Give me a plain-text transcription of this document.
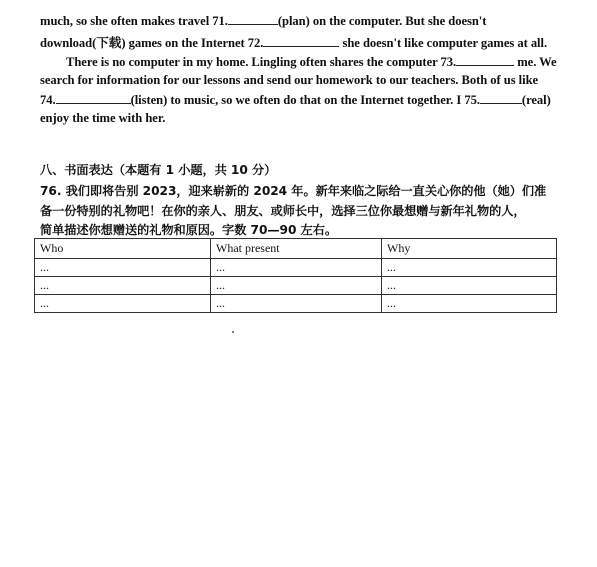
much, so she often makes travel 71.	(plan) on the computer. But she doesn't
download(下载) games on the Internet 72.	she doesn't like computer games at all.
There is no computer in my home. Lingling often shares the computer 73.	me. We
search for information for our lessons and send our homework to our teachers. Both of us like
74.	(listen) to music, so we often do that on the Internet together. I 75.	(real)
enjoy the time with her.
八、书面表达（本题有 1 小题，共 10 分）
76. 我们即将告别 2023，迎来崭新的 2024 年。新年来临之际给一直关心你的他（她）们准
备一份特别的礼物吧！在你的亲人、朋友、或师长中，选择三位你最想赠与新年礼物的人，
简单描述你想赠送的礼物和原因。字数 70—90 左右。
Who	What present	Why
...	...	...
...	...	...
...	...	...
